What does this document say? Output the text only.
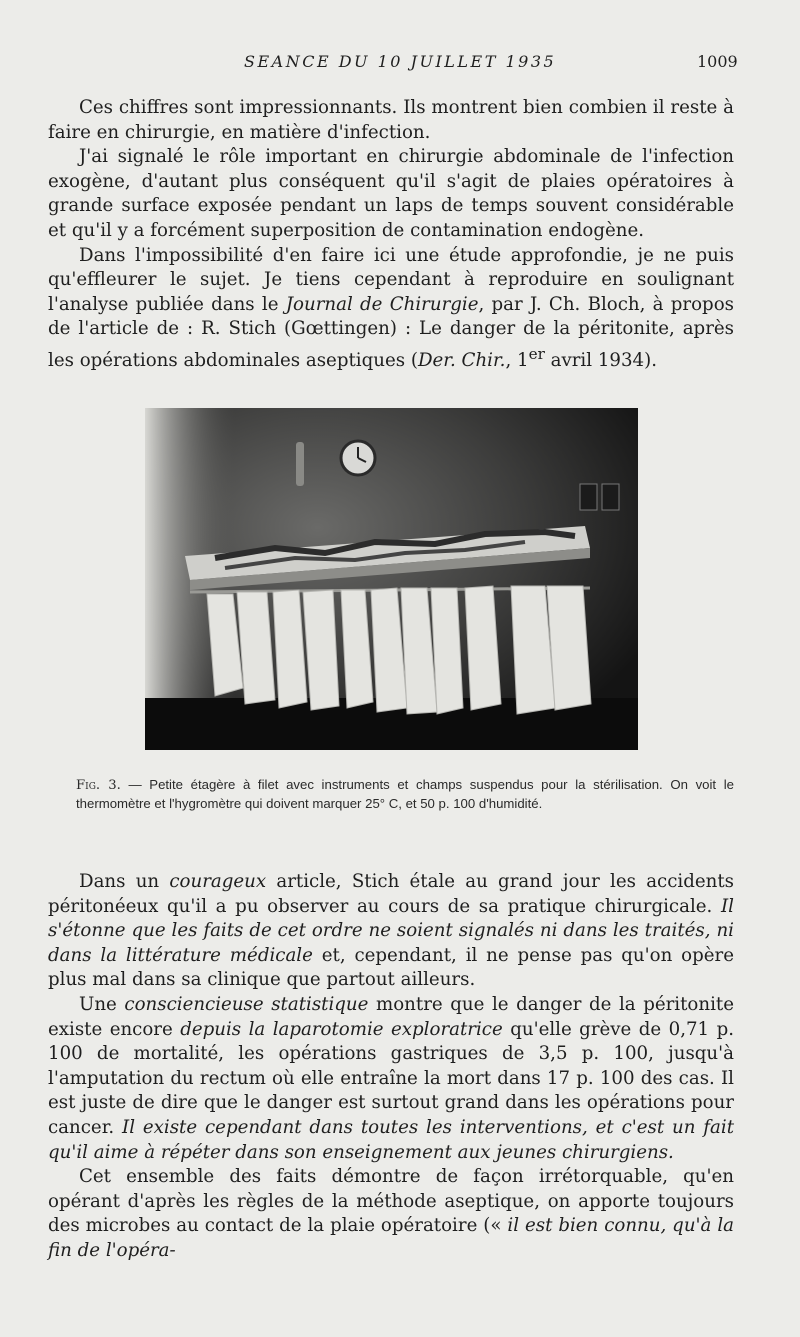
SEANCE DU 10 JUILLET 1935	1009

Ces chiffres sont impressionnants. Ils montrent bien combien il reste à faire en chirurgie, en matière d'infection.

J'ai signalé le rôle important en chirurgie abdominale de l'infection exogène, d'autant plus conséquent qu'il s'agit de plaies opératoires à grande surface exposée pendant un laps de temps souvent considérable et qu'il y a forcément superposition de contamination endogène.

Dans l'impossibilité d'en faire ici une étude approfondie, je ne puis qu'effleurer le sujet. Je tiens cependant à reproduire en soulignant l'analyse publiée dans le Journal de Chirurgie, par J. Ch. Bloch, à propos de l'article de : R. Stich (Gœttingen) : Le danger de la péritonite, après les opérations abdominales aseptiques (Der. Chir., 1er avril 1934).

Fig. 3. — Petite étagère à filet avec instruments et champs suspendus pour la stérilisation. On voit le thermomètre et l'hygromètre qui doivent marquer 25° C, et 50 p. 100 d'humidité.

Dans un courageux article, Stich étale au grand jour les accidents péritonéeux qu'il a pu observer au cours de sa pratique chirurgicale. Il s'étonne que les faits de cet ordre ne soient signalés ni dans les traités, ni dans la littérature médicale et, cependant, il ne pense pas qu'on opère plus mal dans sa clinique que partout ailleurs.

Une consciencieuse statistique montre que le danger de la péritonite existe encore depuis la laparotomie exploratrice qu'elle grève de 0,71 p. 100 de mortalité, les opérations gastriques de 3,5 p. 100, jusqu'à l'amputation du rectum où elle entraîne la mort dans 17 p. 100 des cas. Il est juste de dire que le danger est surtout grand dans les opérations pour cancer. Il existe cependant dans toutes les interventions, et c'est un fait qu'il aime à répéter dans son enseignement aux jeunes chirurgiens.

Cet ensemble des faits démontre de façon irrétorquable, qu'en opérant d'après les règles de la méthode aseptique, on apporte toujours des microbes au contact de la plaie opératoire (« il est bien connu, qu'à la fin de l'opéra-
